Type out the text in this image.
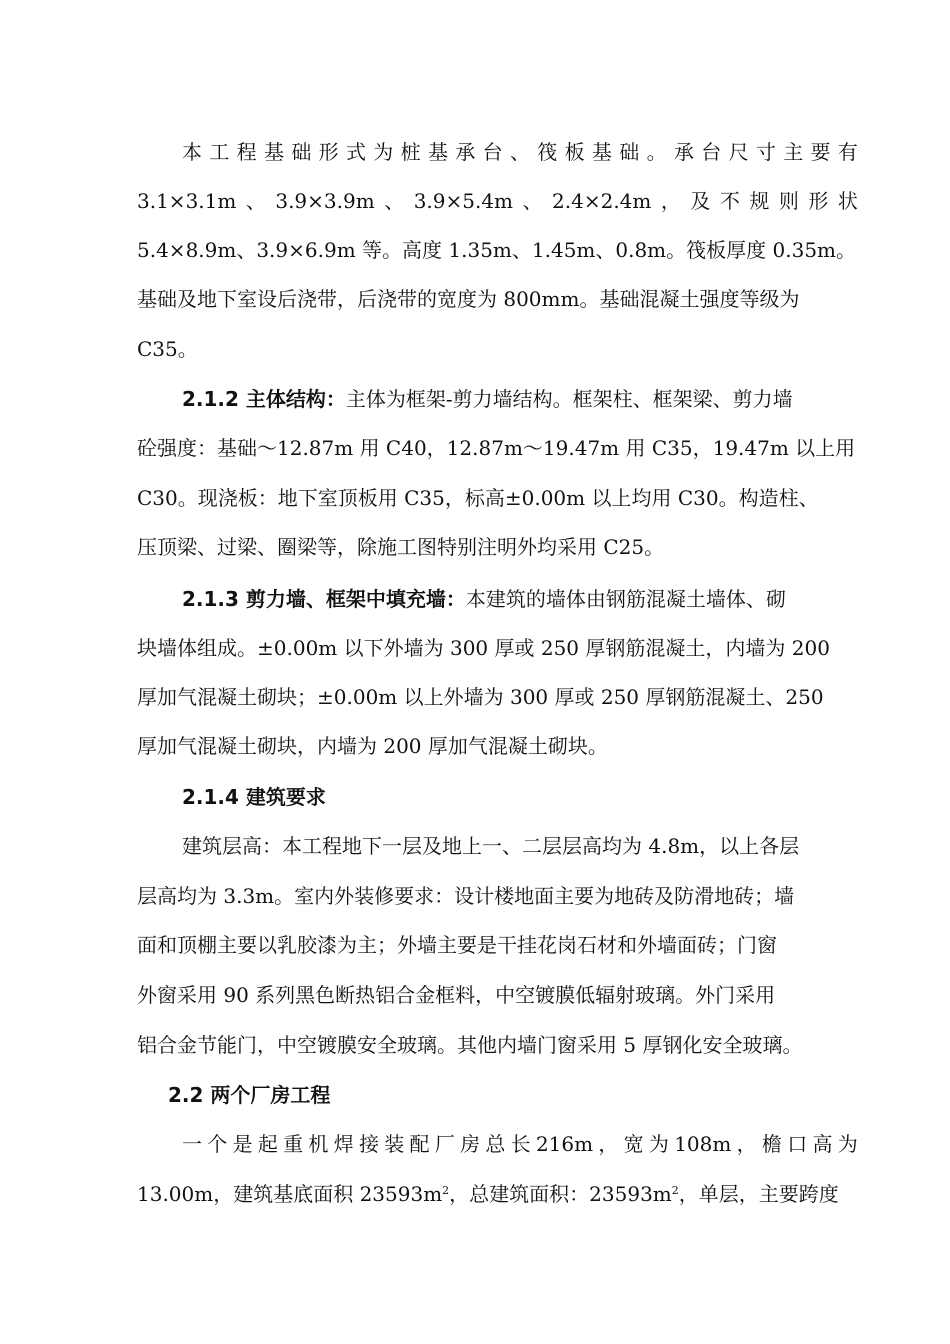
本 工 程 基 础 形 式 为 桩 基 承 台 、 筏 板 基 础 。 承 台 尺 寸 主 要 有
3.1×3.1m 、 3.9×3.9m 、 3.9×5.4m 、 2.4×2.4m ， 及 不 规 则 形 状
5.4×8.9m、3.9×6.9m 等。高度 1.35m、1.45m、0.8m。筏板厚度 0.35m。
基础及地下室设后浇带，后浇带的宽度为 800mm。基础混凝土强度等级为
C35。
2.1.2 主体结构：主体为框架-剪力墙结构。框架柱、框架梁、剪力墙
砼强度：基础～12.87m 用 C40，12.87m～19.47m 用 C35，19.47m 以上用
C30。现浇板：地下室顶板用 C35，标高±0.00m 以上均用 C30。构造柱、
压顶梁、过梁、圈梁等，除施工图特别注明外均采用 C25。
2.1.3 剪力墙、框架中填充墙：本建筑的墙体由钢筋混凝土墙体、砌
块墙体组成。±0.00m 以下外墙为 300 厚或 250 厚钢筋混凝土，内墙为 200
厚加气混凝土砌块；±0.00m 以上外墙为 300 厚或 250 厚钢筋混凝土、250
厚加气混凝土砌块，内墙为 200 厚加气混凝土砌块。
2.1.4 建筑要求
建筑层高：本工程地下一层及地上一、二层层高均为 4.8m，以上各层
层高均为 3.3m。室内外装修要求：设计楼地面主要为地砖及防滑地砖；墙
面和顶棚主要以乳胶漆为主；外墙主要是干挂花岗石材和外墙面砖；门窗
外窗采用 90 系列黑色断热铝合金框料，中空镀膜低辐射玻璃。外门采用
铝合金节能门，中空镀膜安全玻璃。其他内墙门窗采用 5 厚钢化安全玻璃。
2.2 两个厂房工程
一 个 是 起 重 机 焊 接 装 配 厂 房 总 长 216m ， 宽 为 108m ， 檐 口 高 为
13.00m，建筑基底面积 $23593m^2$，总建筑面积：$23593m^2$，单层，主要跨度
